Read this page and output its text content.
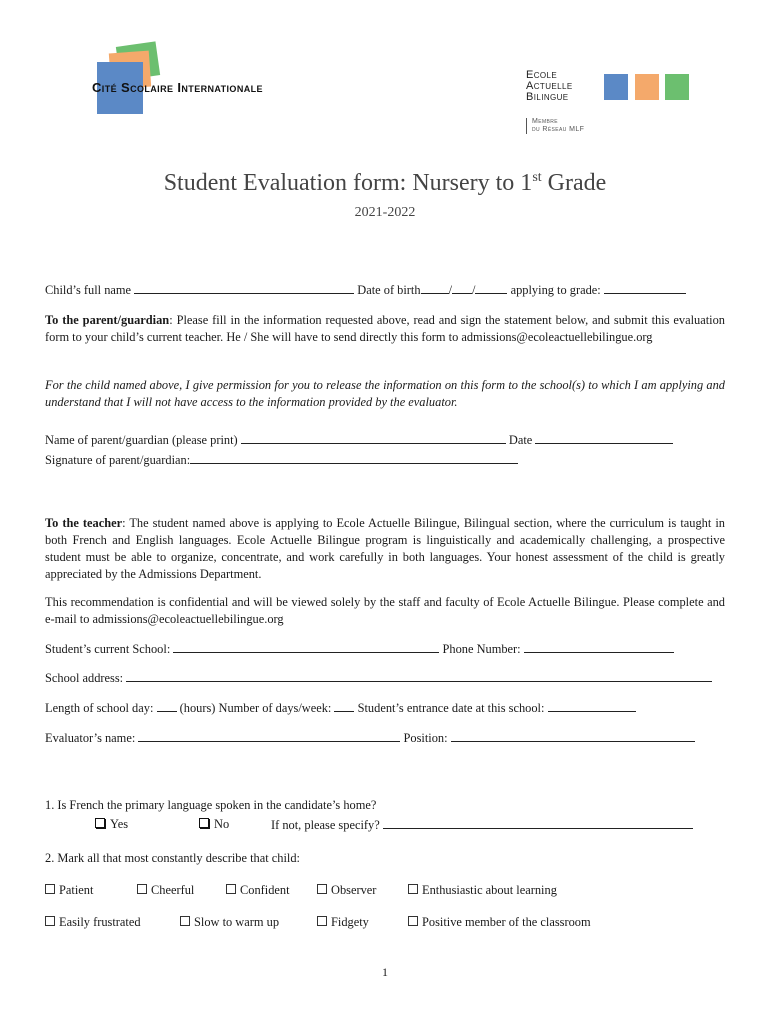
Cité Scolaire Internationale
Ecole
Actuelle
Bilingue
Membre
du Réseau MLF
Student Evaluation form: Nursery to 1st Grade
2021-2022
Child’s full name	Date of birth / /	applying to grade:
To the parent/guardian: Please fill in the information requested above, read and sign the statement below, and submit this evaluation form to your child’s current teacher. He / She will have to send directly this form to admissions@ecoleactuellebilingue.org
For the child named above, I give permission for you to release the information on this form to the school(s) to which I am applying and understand that I will not have access to the information provided by the evaluator.
Name of parent/guardian (please print)	Date
Signature of parent/guardian:
To the teacher: The student named above is applying to Ecole Actuelle Bilingue, Bilingual section, where the curriculum is taught in both French and English languages. Ecole Actuelle Bilingue program is linguistically and academically challenging, a prospective student must be able to organize, concentrate, and work carefully in both languages. Your honest assessment of the child is greatly appreciated by the Admissions Department.
This recommendation is confidential and will be viewed solely by the staff and faculty of Ecole Actuelle Bilingue. Please complete and e-mail to admissions@ecoleactuellebilingue.org
Student’s current School:	Phone Number:
School address:
Length of school day: (hours) Number of days/week: Student’s entrance date at this school:
Evaluator’s name:	Position:
1. Is French the primary language spoken in the candidate’s home?
Yes	No	If not, please specify?
2. Mark all that most constantly describe that child:
Patient	Cheerful	Confident	Observer	Enthusiastic about learning
Easily frustrated	Slow to warm up	Fidgety	Positive member of the classroom
1
